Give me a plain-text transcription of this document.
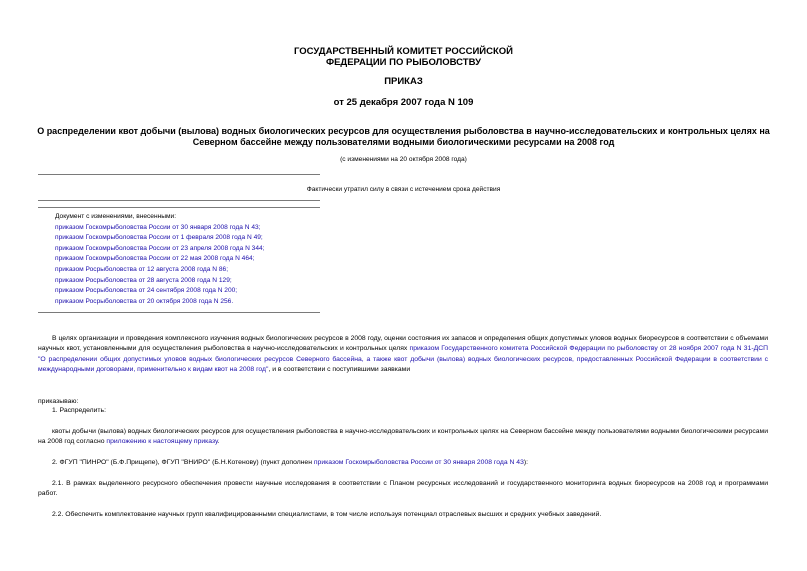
ГОСУДАРСТВЕННЫЙ КОМИТЕТ РОССИЙСКОЙ
ФЕДЕРАЦИИ ПО РЫБОЛОВСТВУ
ПРИКАЗ
от 25 декабря 2007 года N 109
О распределении квот добычи (вылова) водных биологических ресурсов для осуществления рыболовства в научно-исследовательских и контрольных целях на
Северном бассейне между пользователями водными биологическими ресурсами на 2008 год
(с изменениями на 20 октября 2008 года)
Фактически утратил силу в связи с истечением срока действия
Документ с изменениями, внесенными:
приказом Госкомрыболовства России от 30 января 2008 года N 43;
приказом Госкомрыболовства России от 1 февраля 2008 года N 49;
приказом Госкомрыболовства России от 23 апреля 2008 года N 344;
приказом Госкомрыболовства России от 22 мая 2008 года N 464;
приказом Росрыболовства от 12 августа 2008 года N 86;
приказом Росрыболовства от 28 августа 2008 года N 129;
приказом Росрыболовства от 24 сентября 2008 года N 200;
приказом Росрыболовства от 20 октября 2008 года N 256.
В целях организации и проведения комплексного изучения водных биологических ресурсов в 2008 году, оценки состояния их запасов и определения общих допустимых уловов водных биоресурсов в соответствии с объемами научных квот, установленными для осуществления рыболовства в научно-исследовательских и контрольных целях приказом Государственного комитета Российской Федерации по рыболовству от 28 ноября 2007 года N 31-ДСП "О распределении общих допустимых уловов водных биологических ресурсов Северного бассейна, а также квот добычи (вылова) водных биологических ресурсов, предоставленных Российской Федерации в соответствии с международными договорами, применительно к видам квот на 2008 год", и в соответствии с поступившими заявками
приказываю:
1. Распределить:
квоты добычи (вылова) водных биологических ресурсов для осуществления рыболовства в научно-исследовательских и контрольных целях на Северном бассейне между пользователями водными биологическими ресурсами на 2008 год согласно приложению к настоящему приказу.
2. ФГУП "ПИНРО" (Б.Ф.Прищепе), ФГУП "ВНИРО" (Б.Н.Котенову) (пункт дополнен приказом Госкомрыболовства России от 30 января 2008 года N 43):
2.1. В рамках выделенного ресурсного обеспечения провести научные исследования в соответствии с Планом ресурсных исследований и государственного мониторинга водных биоресурсов на 2008 год и программами работ.
2.2. Обеспечить комплектование научных групп квалифицированными специалистами, в том числе используя потенциал отраслевых высших и средних учебных заведений.
